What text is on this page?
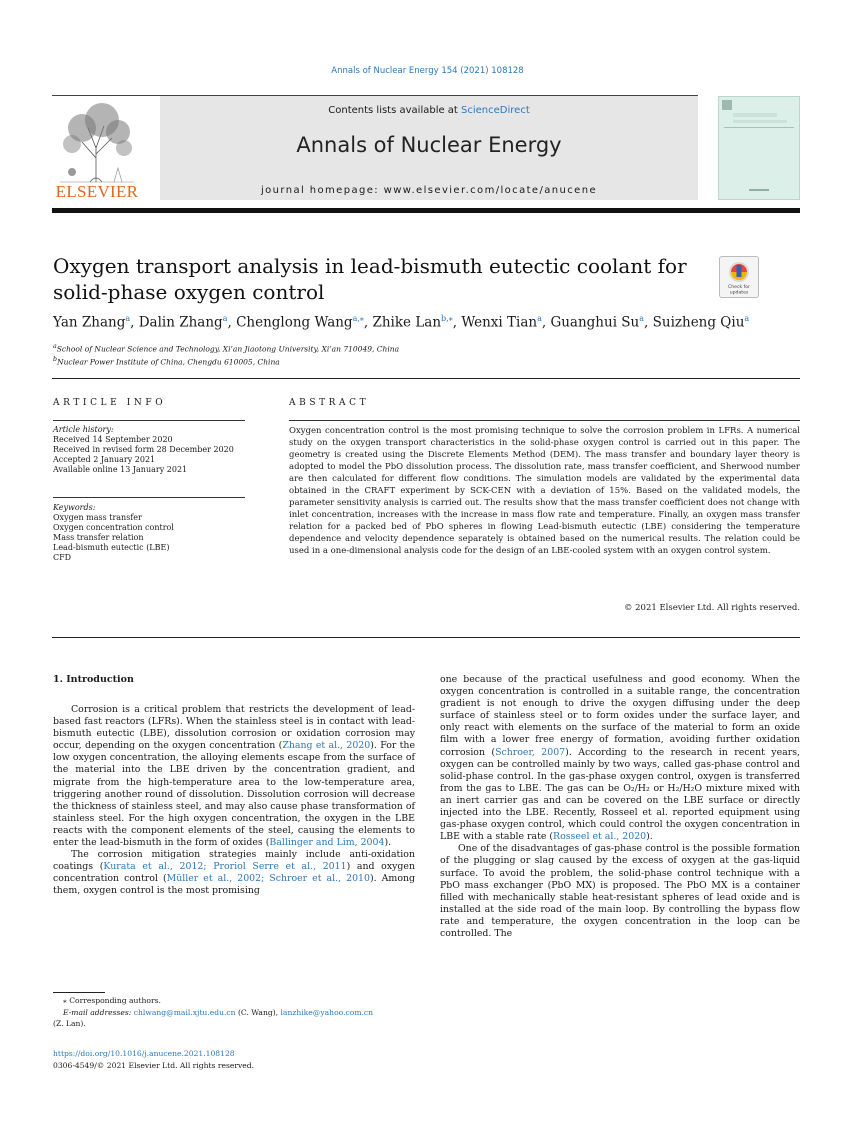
Annals of Nuclear Energy 154 (2021) 108128
ELSEVIER
Contents lists available at ScienceDirect
Annals of Nuclear Energy
journal homepage: www.elsevier.com/locate/anucene
Oxygen transport analysis in lead-bismuth eutectic coolant for
solid-phase oxygen control	Check for
updates
Yan Zhang$^a$, Dalin Zhang$^a$, Chenglong Wang$^{a,⁎}$, Zhike Lan$^{b,⁎}$, Wenxi Tian$^a$, Guanghui Su$^a$, Suizheng Qiu$^a$
$^a$School of Nuclear Science and Technology, Xi’an Jiaotong University, Xi’an 710049, China
$^b$Nuclear Power Institute of China, Chengdu 610005, China
ARTICLE INFO
Article history:
Received 14 September 2020
Received in revised form 28 December 2020
Accepted 2 January 2021
Available online 13 January 2021
Keywords:
Oxygen mass transfer
Oxygen concentration control
Mass transfer relation
Lead-bismuth eutectic (LBE)
CFD
ABSTRACT
Oxygen concentration control is the most promising technique to solve the corrosion problem in LFRs. A numerical study on the oxygen transport characteristics in the solid-phase oxygen control is carried out in this paper. The geometry is created using the Discrete Elements Method (DEM). The mass transfer and boundary layer theory is adopted to model the PbO dissolution process. The dissolution rate, mass transfer coefficient, and Sherwood number are then calculated for different flow conditions. The simulation models are validated by the experimental data obtained in the CRAFT experiment by SCK-CEN with a deviation of 15%. Based on the validated models, the parameter sensitivity analysis is carried out. The results show that the mass transfer coefficient does not change with inlet concentration, increases with the increase in mass flow rate and temperature. Finally, an oxygen mass transfer relation for a packed bed of PbO spheres in flowing Lead-bismuth eutectic (LBE) considering the temperature dependence and velocity dependence separately is obtained based on the numerical results. The relation could be used in a one-dimensional analysis code for the design of an LBE-cooled system with an oxygen control system.
© 2021 Elsevier Ltd. All rights reserved.
1. Introduction

Corrosion is a critical problem that restricts the development of lead-based fast reactors (LFRs). When the stainless steel is in contact with lead-bismuth eutectic (LBE), dissolution corrosion or oxidation corrosion may occur, depending on the oxygen concentration (Zhang et al., 2020). For the low oxygen concentration, the alloying elements escape from the surface of the material into the LBE driven by the concentration gradient, and migrate from the high-temperature area to the low-temperature area, triggering another round of dissolution. Dissolution corrosion will decrease the thickness of stainless steel, and may also cause phase transformation of stainless steel. For the high oxygen concentration, the oxygen in the LBE reacts with the component elements of the steel, causing the elements to enter the lead-bismuth in the form of oxides (Ballinger and Lim, 2004).

The corrosion mitigation strategies mainly include anti-oxidation coatings (Kurata et al., 2012; Proriol Serre et al., 2011) and oxygen concentration control (Müller et al., 2002; Schroer et al., 2010). Among them, oxygen control is the most promising

one because of the practical usefulness and good economy. When the oxygen concentration is controlled in a suitable range, the concentration gradient is not enough to drive the oxygen diffusing under the deep surface of stainless steel or to form oxides under the surface layer, and only react with elements on the surface of the material to form an oxide film with a lower free energy of formation, avoiding further oxidation corrosion (Schroer, 2007). According to the research in recent years, oxygen can be controlled mainly by two ways, called gas-phase control and solid-phase control. In the gas-phase oxygen control, oxygen is transferred from the gas to LBE. The gas can be O₂/H₂ or H₂/H₂O mixture mixed with an inert carrier gas and can be covered on the LBE surface or directly injected into the LBE. Recently, Rosseel et al. reported equipment using gas-phase oxygen control, which could control the oxygen concentration in LBE with a stable rate (Rosseel et al., 2020).

One of the disadvantages of gas-phase control is the possible formation of the plugging or slag caused by the excess of oxygen at the gas-liquid surface. To avoid the problem, the solid-phase control technique with a PbO mass exchanger (PbO MX) is proposed. The PbO MX is a container filled with mechanically stable heat-resistant spheres of lead oxide and is installed at the side road of the main loop. By controlling the bypass flow rate and temperature, the oxygen concentration in the loop can be controlled. The

⁎ Corresponding authors.
E-mail addresses: chlwang@mail.xjtu.edu.cn (C. Wang), lanzhike@yahoo.com.cn
(Z. Lan).
https://doi.org/10.1016/j.anucene.2021.108128
0306-4549/© 2021 Elsevier Ltd. All rights reserved.
